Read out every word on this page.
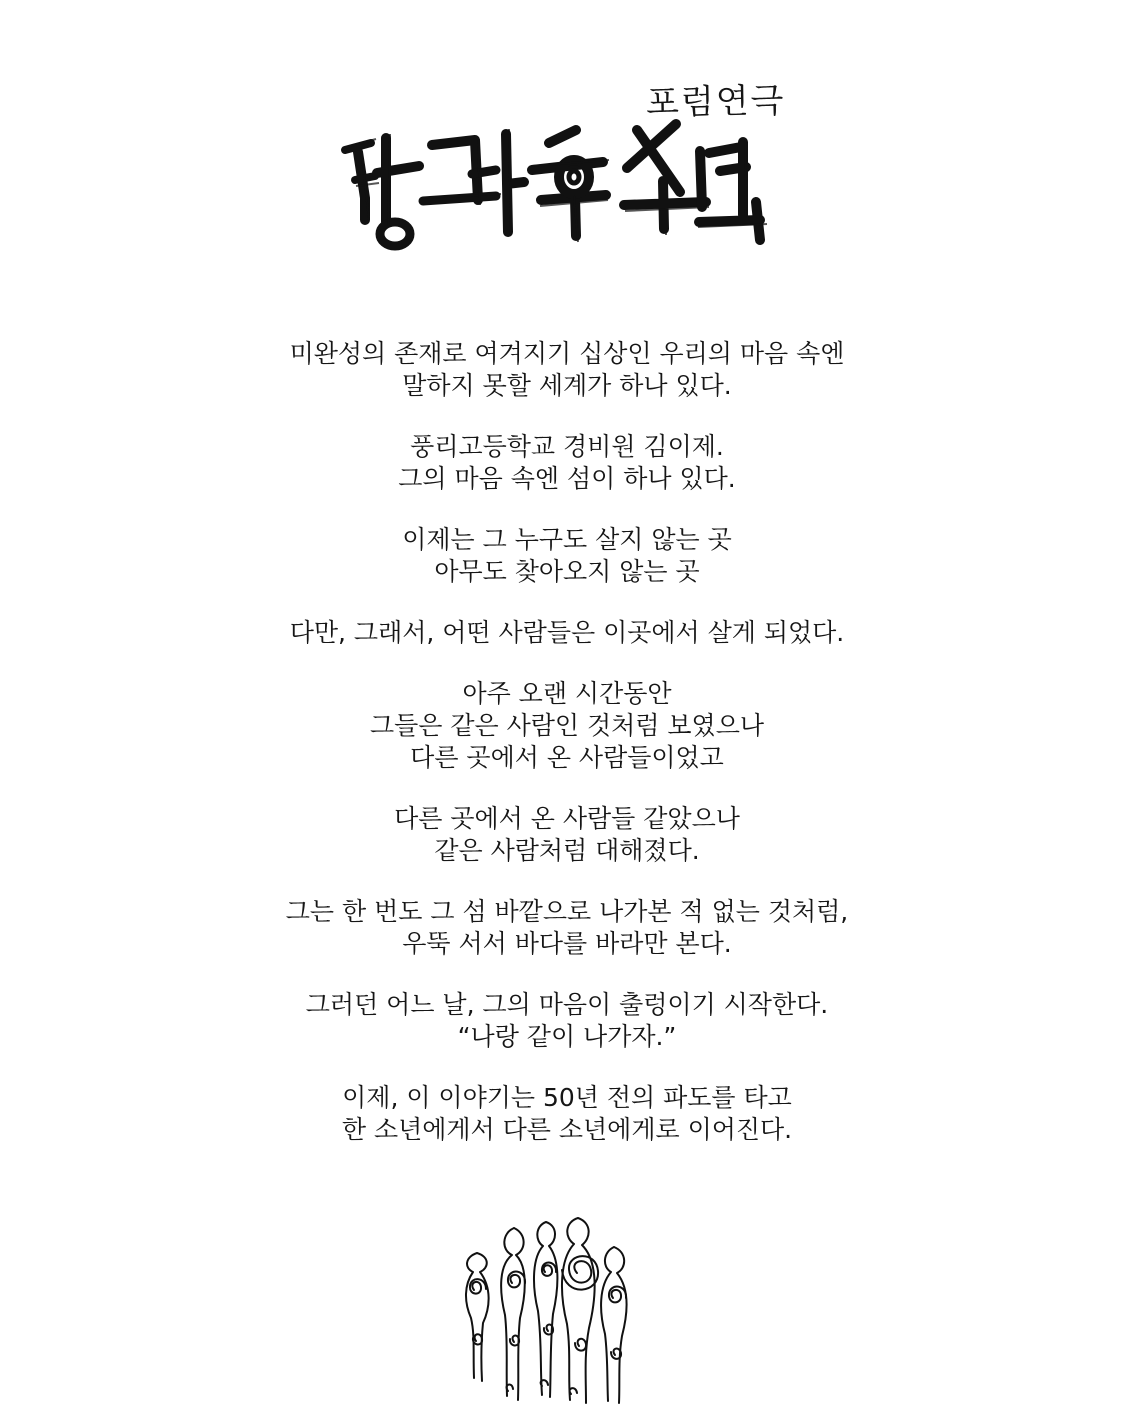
포럼연극
미완성의 존재로 여겨지기 십상인 우리의 마음 속엔
말하지 못할 세계가 하나 있다.
풍리고등학교 경비원 김이제.
그의 마음 속엔 섬이 하나 있다.
이제는 그 누구도 살지 않는 곳
아무도 찾아오지 않는 곳
다만, 그래서, 어떤 사람들은 이곳에서 살게 되었다.
아주 오랜 시간동안
그들은 같은 사람인 것처럼 보였으나
다른 곳에서 온 사람들이었고
다른 곳에서 온 사람들 같았으나
같은 사람처럼 대해졌다.
그는 한 번도 그 섬 바깥으로 나가본 적 없는 것처럼,
우뚝 서서 바다를 바라만 본다.
그러던 어느 날, 그의 마음이 출렁이기 시작한다.
“나랑 같이 나가자.”
이제, 이 이야기는 50년 전의 파도를 타고
한 소년에게서 다른 소년에게로 이어진다.
